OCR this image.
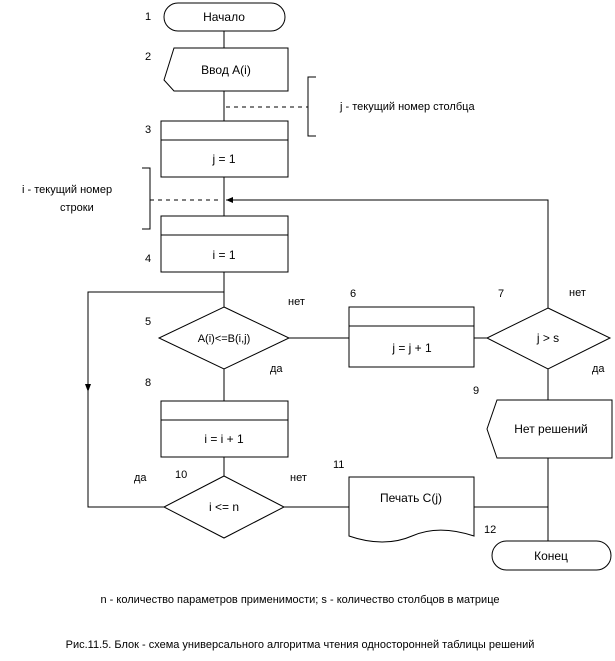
j - текущий номер столбца
i - текущий номер
строки
1	Начало
2
Ввод А(i)
3
j = 1
4	i = 1
5
A(i)<=B(i,j)
нет
да
6
j = j + 1
7
j > s
нет
да
8
i = i + 1
9
Нет решений
10
i <= n
да	нет
11
Печать C(j)
12
Конец
n - количество параметров применимости; s - количество столбцов в матрице
Рис.11.5. Блок - схема универсального алгоритма чтения односторонней таблицы решений
